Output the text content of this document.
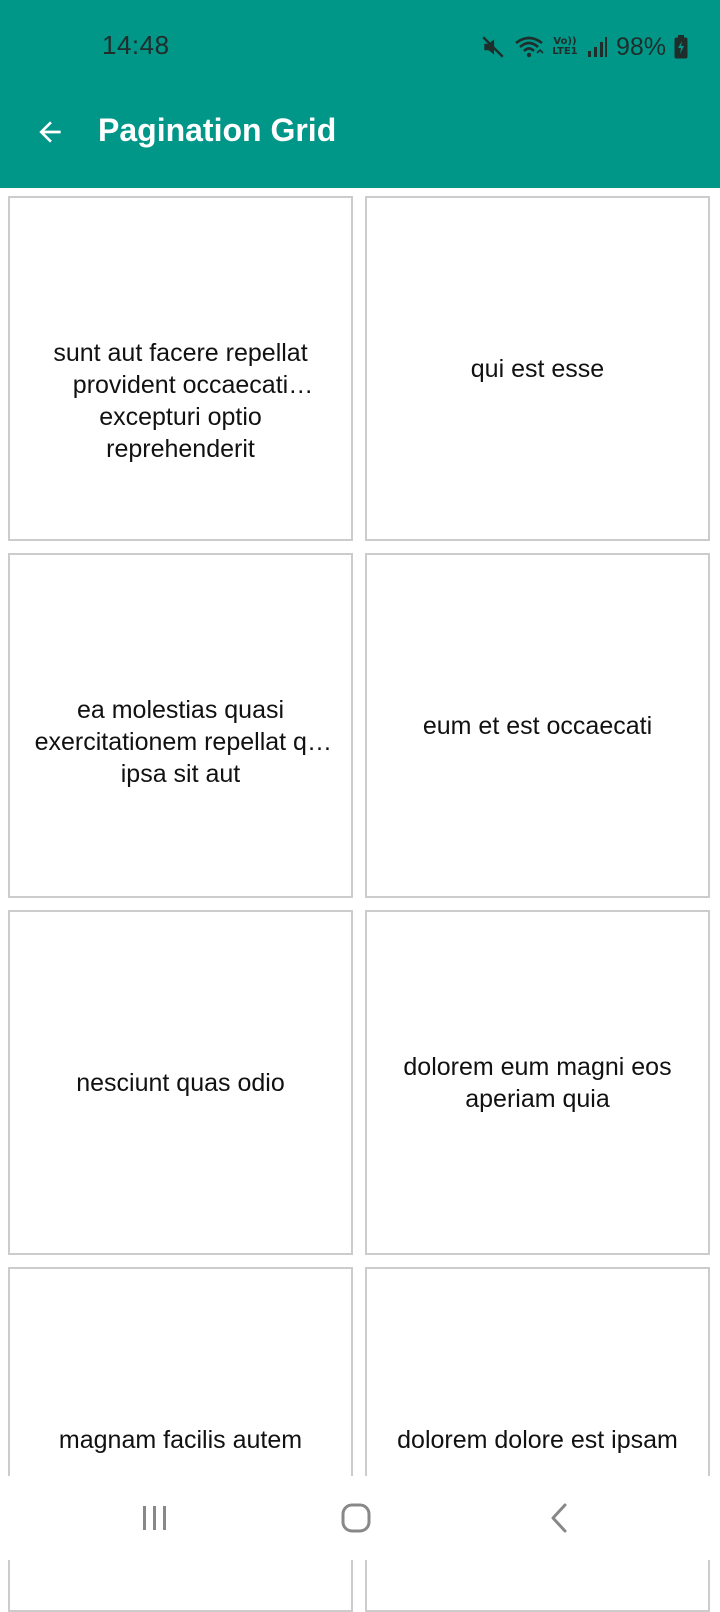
14:48	Vo)) LTE1 98%
Pagination Grid
sunt aut facere repellat provident occaecati excepturi optio reprehenderit
qui est esse
ea molestias quasi exercitationem repellat qui ipsa sit aut
eum et est occaecati
nesciunt quas odio
dolorem eum magni eos aperiam quia
magnam facilis autem	dolorem dolore est ipsam
